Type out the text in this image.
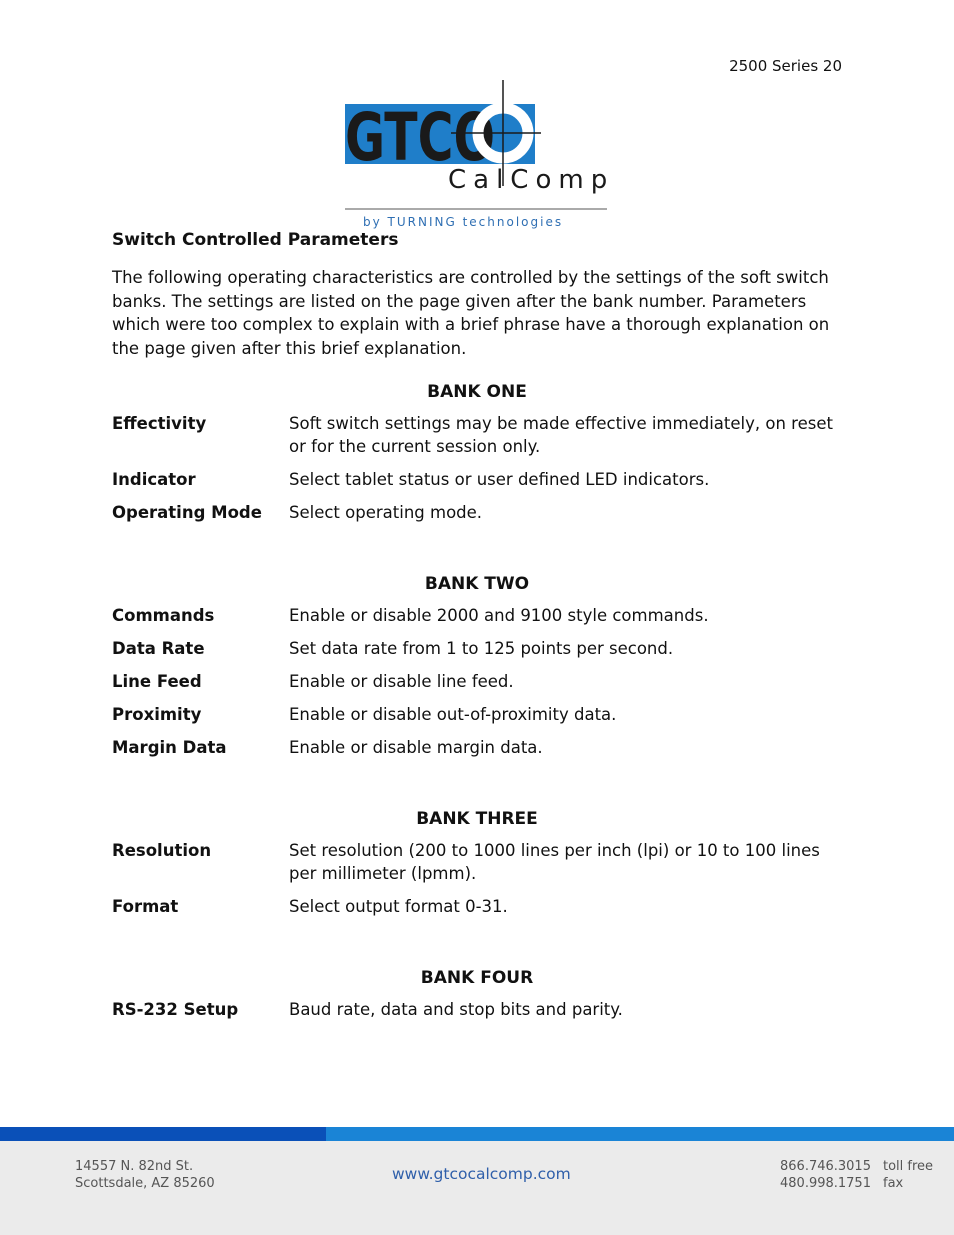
2500 Series 20
GTCO
CalComp
by TURNING technologies
Switch Controlled Parameters
The following operating characteristics are controlled by the settings of the soft switch banks. The settings are listed on the page given after the bank number. Parameters which were too complex to explain with a brief phrase have a thorough explanation on the page given after this brief explanation.
BANK ONE
Effectivity	Soft switch settings may be made effective immediately, on reset or for the current session only.
Indicator	Select tablet status or user defined LED indicators.
Operating Mode	Select operating mode.
BANK TWO
Commands	Enable or disable 2000 and 9100 style commands.
Data Rate	Set data rate from 1 to 125 points per second.
Line Feed	Enable or disable line feed.
Proximity	Enable or disable out-of-proximity data.
Margin Data	Enable or disable margin data.
BANK THREE
Resolution	Set resolution (200 to 1000 lines per inch (lpi) or 10 to 100 lines per millimeter (lpmm).
Format	Select output format 0-31.
BANK FOUR
RS-232 Setup	Baud rate, data and stop bits and parity.
14557 N. 82nd St.
Scottsdale, AZ 85260
www.gtcocalcomp.com	866.746.3015
480.998.1751
toll free
fax
